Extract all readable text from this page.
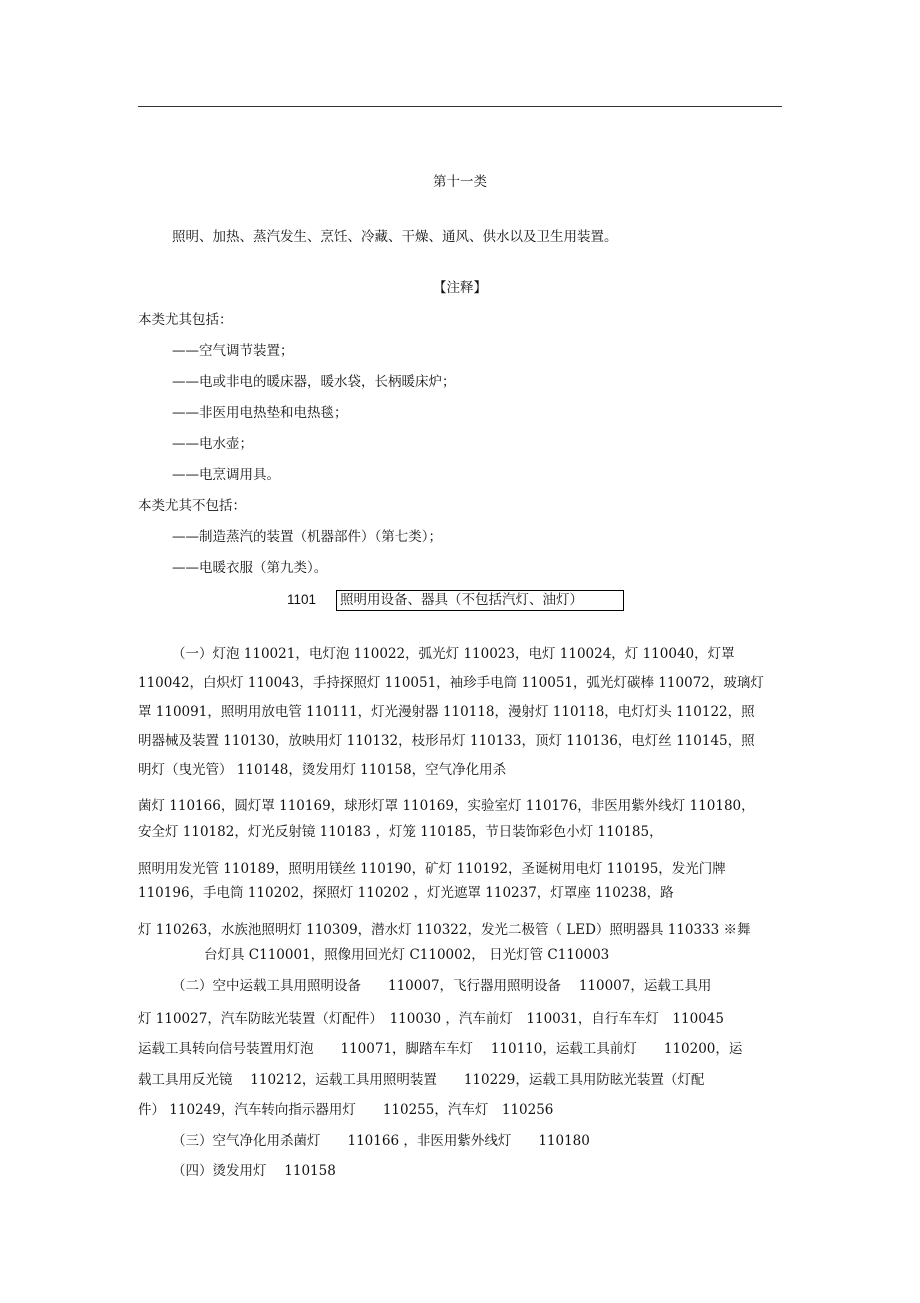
第十一类
照明、加热、蒸汽发生、烹饪、冷藏、干燥、通风、供水以及卫生用装置。
【注释】
本类尤其包括：
——空气调节装置；
——电或非电的暖床器，暖水袋，长柄暖床炉；
——非医用电热垫和电热毯；
——电水壶；
——电烹调用具。
本类尤其不包括：
——制造蒸汽的装置（机器部件）（第七类）；
——电暖衣服（第九类）。
1101 照明用设备、器具（不包括汽灯、油灯）
（一）灯泡 110021，电灯泡 110022，弧光灯 110023，电灯 110024，灯 110040，灯罩
110042，白炽灯 110043，手持探照灯 110051，袖珍手电筒 110051，弧光灯碳棒 110072，玻璃灯
罩 110091，照明用放电管 110111，灯光漫射器 110118，漫射灯 110118，电灯灯头 110122，照
明器械及装置 110130，放映用灯 110132，枝形吊灯 110133，顶灯 110136，电灯丝 110145，照
明灯（曳光管） 110148，烫发用灯 110158，空气净化用杀
菌灯 110166，圆灯罩 110169，球形灯罩 110169，实验室灯 110176，非医用紫外线灯 110180，
安全灯 110182，灯光反射镜 110183 ，灯笼 110185，节日装饰彩色小灯 110185，
照明用发光管 110189，照明用镁丝 110190，矿灯 110192，圣诞树用电灯 110195，发光门牌
110196，手电筒 110202，探照灯 110202 ，灯光遮罩 110237，灯罩座 110238，路
灯 110263，水族池照明灯 110309，潜水灯 110322，发光二极管（ LED）照明器具 110333 ※舞
台灯具 C110001，照像用回光灯 C110002， 日光灯管 C110003
（二）空中运载工具用照明设备　　110007，飞行器用照明设备　 110007，运载工具用
灯 110027，汽车防眩光装置（灯配件）　110030 ，汽车前灯　110031，自行车车灯　110045
运载工具转向信号装置用灯泡　　110071，脚踏车车灯　 110110，运载工具前灯　　110200，运
载工具用反光镜　 110212，运载工具用照明装置　　110229，运载工具用防眩光装置（灯配
件） 110249，汽车转向指示器用灯　　110255，汽车灯　110256
（三）空气净化用杀菌灯　　110166 ，非医用紫外线灯　　110180
（四）烫发用灯　 110158
